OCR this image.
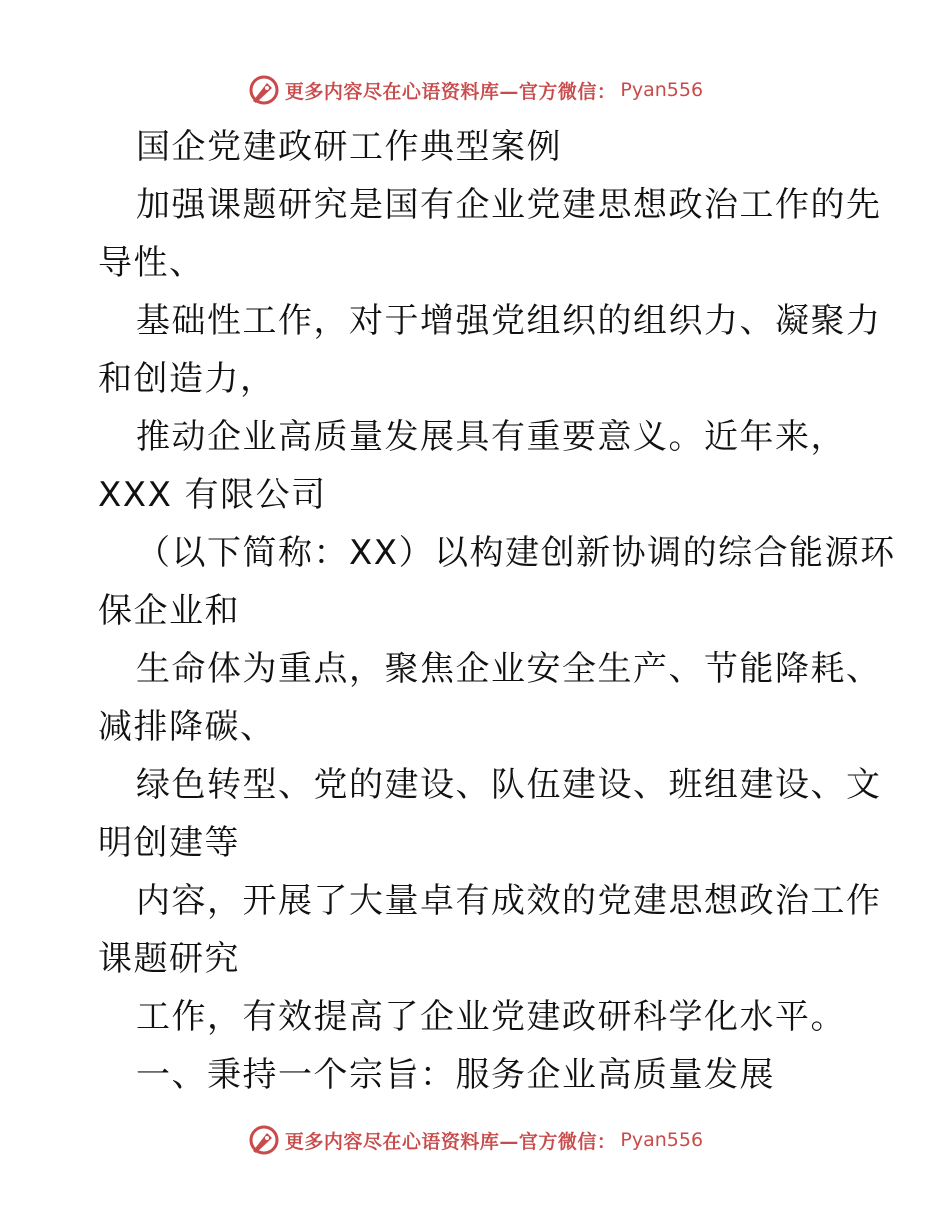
更多内容尽在心语资料库—官方微信： Pyan556
国企党建政研工作典型案例
加强课题研究是国有企业党建思想政治工作的先
导性、
基础性工作，对于增强党组织的组织力、凝聚力
和创造力，
推动企业高质量发展具有重要意义。近年来，
XXX 有限公司
（以下简称：XX）以构建创新协调的综合能源环
保企业和
生命体为重点，聚焦企业安全生产、节能降耗、
减排降碳、
绿色转型、党的建设、队伍建设、班组建设、文
明创建等
内容，开展了大量卓有成效的党建思想政治工作
课题研究
工作，有效提高了企业党建政研科学化水平。
一、秉持一个宗旨：服务企业高质量发展
更多内容尽在心语资料库—官方微信： Pyan556
